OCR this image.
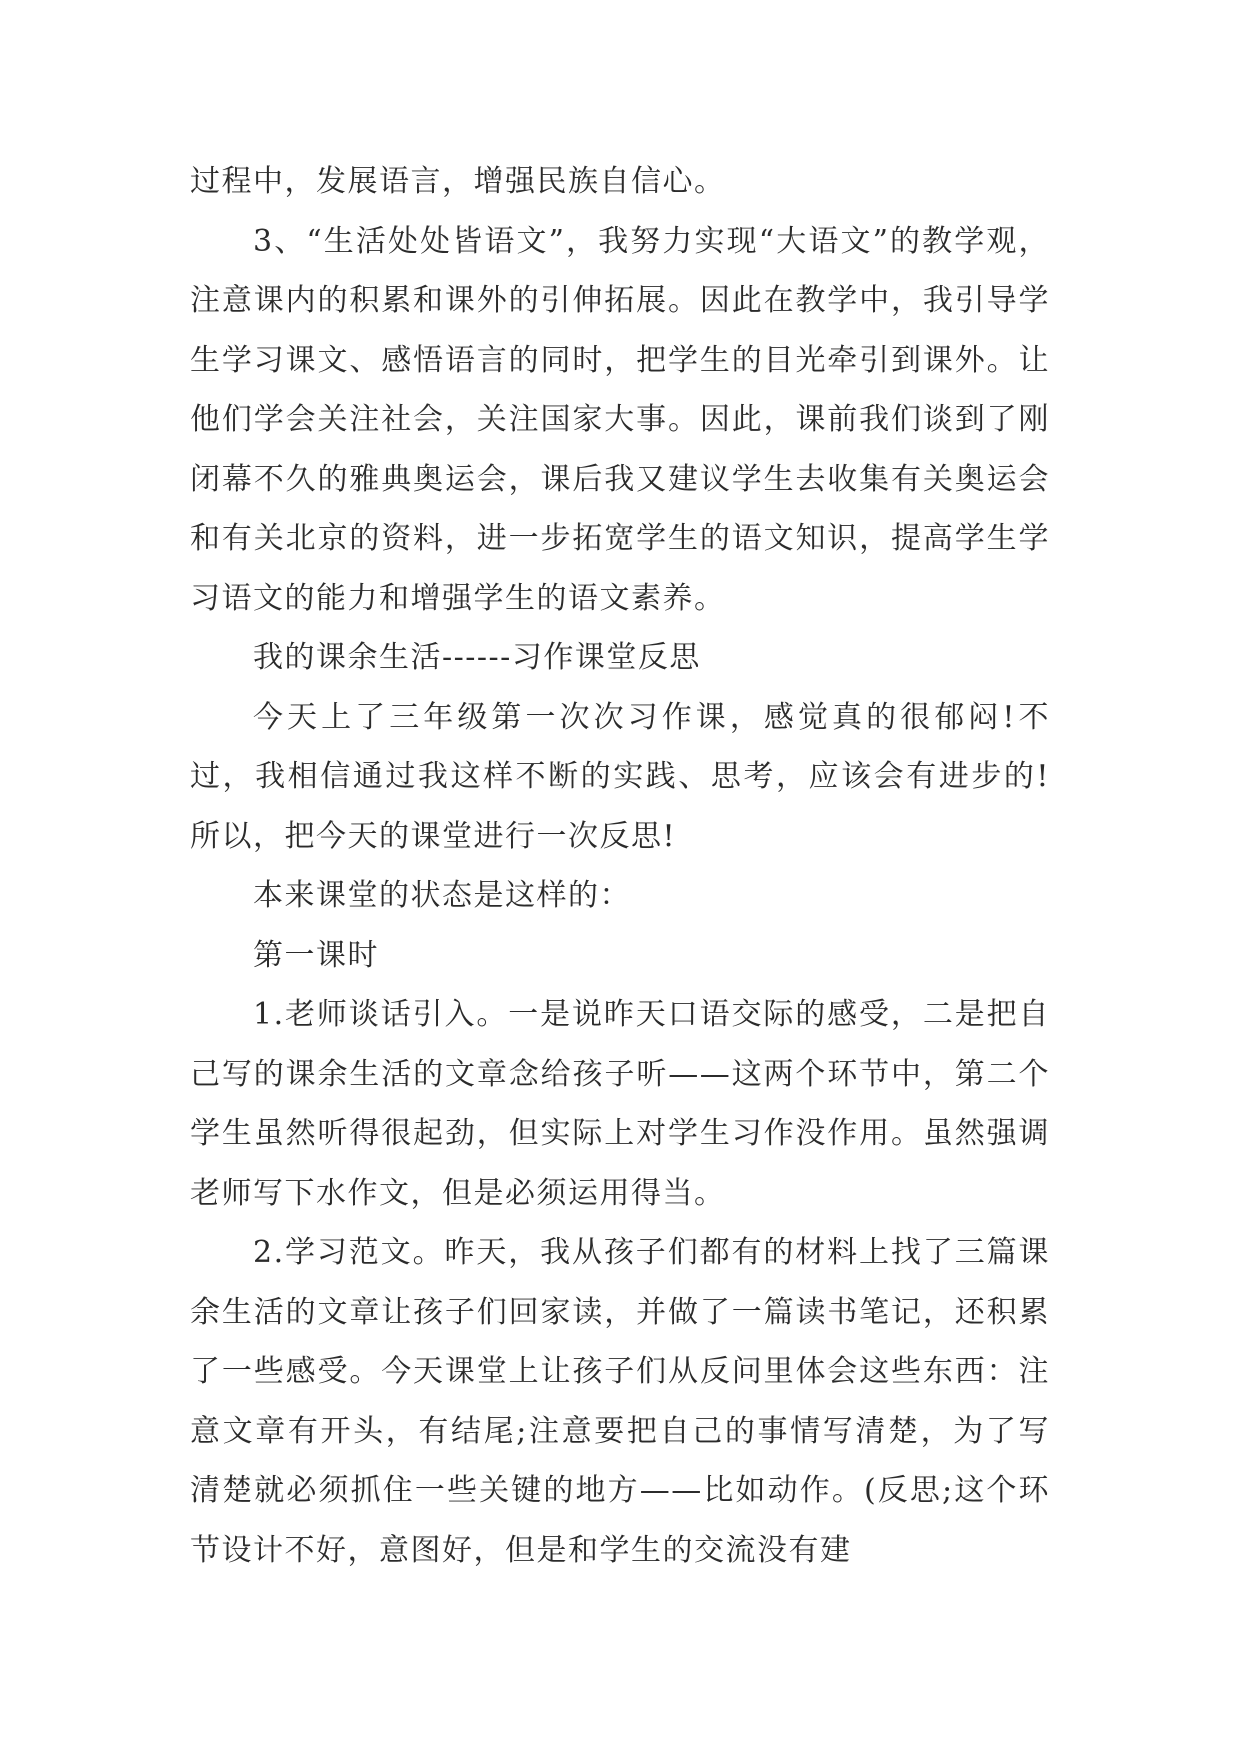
过程中，发展语言，增强民族自信心。

3、“生活处处皆语文”，我努力实现“大语文”的教学观，注意课内的积累和课外的引伸拓展。因此在教学中，我引导学生学习课文、感悟语言的同时，把学生的目光牵引到课外。让他们学会关注社会，关注国家大事。因此，课前我们谈到了刚闭幕不久的雅典奥运会，课后我又建议学生去收集有关奥运会和有关北京的资料，进一步拓宽学生的语文知识，提高学生学习语文的能力和增强学生的语文素养。

我的课余生活------习作课堂反思

今天上了三年级第一次次习作课，感觉真的很郁闷!不过，我相信通过我这样不断的实践、思考，应该会有进步的!所以，把今天的课堂进行一次反思!

本来课堂的状态是这样的：

第一课时

1.老师谈话引入。一是说昨天口语交际的感受，二是把自己写的课余生活的文章念给孩子听——这两个环节中，第二个学生虽然听得很起劲，但实际上对学生习作没作用。虽然强调老师写下水作文，但是必须运用得当。

2.学习范文。昨天，我从孩子们都有的材料上找了三篇课余生活的文章让孩子们回家读，并做了一篇读书笔记，还积累了一些感受。今天课堂上让孩子们从反问里体会这些东西：注意文章有开头，有结尾;注意要把自己的事情写清楚，为了写清楚就必须抓住一些关键的地方——比如动作。(反思;这个环节设计不好，意图好，但是和学生的交流没有建
